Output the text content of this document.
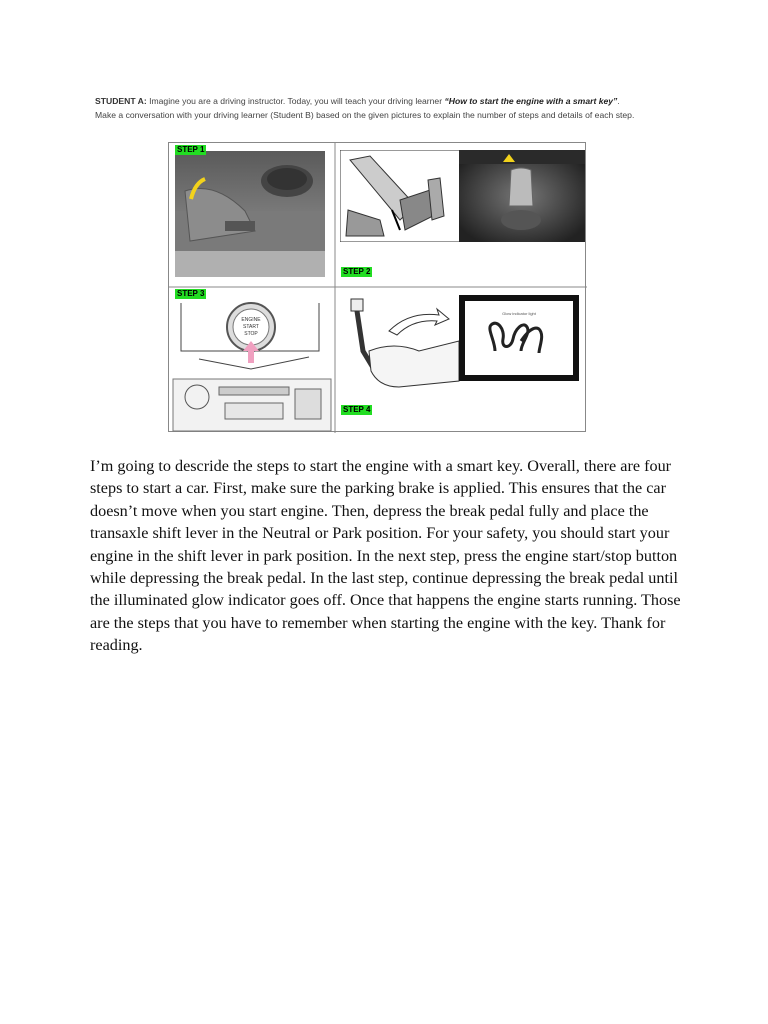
STUDENT A: Imagine you are a driving instructor. Today, you will teach your driving learner “How to start the engine with a smart key”.
Make a conversation with your driving learner (Student B) based on the given pictures to explain the number of steps and details of each step.
STEP 1
STEP 2
STEP 3
ENGINE
START
STOP
Glow indicator light
STEP 4
I’m going to descride the steps to start the engine with a smart key. Overall, there are four steps to start a car. First, make sure the parking brake is applied. This ensures that the car doesn’t move when you start engine. Then, depress the break pedal fully and place the transaxle shift lever in the Neutral or Park position. For your safety, you should start your engine in the shift lever in park position. In the next step, press the engine start/stop button while depressing the break pedal. In the last step, continue depressing the break pedal until the illuminated glow indicator goes off. Once that happens the engine starts running. Those are the steps that you have to remember when starting the engine with the key. Thank for reading.
